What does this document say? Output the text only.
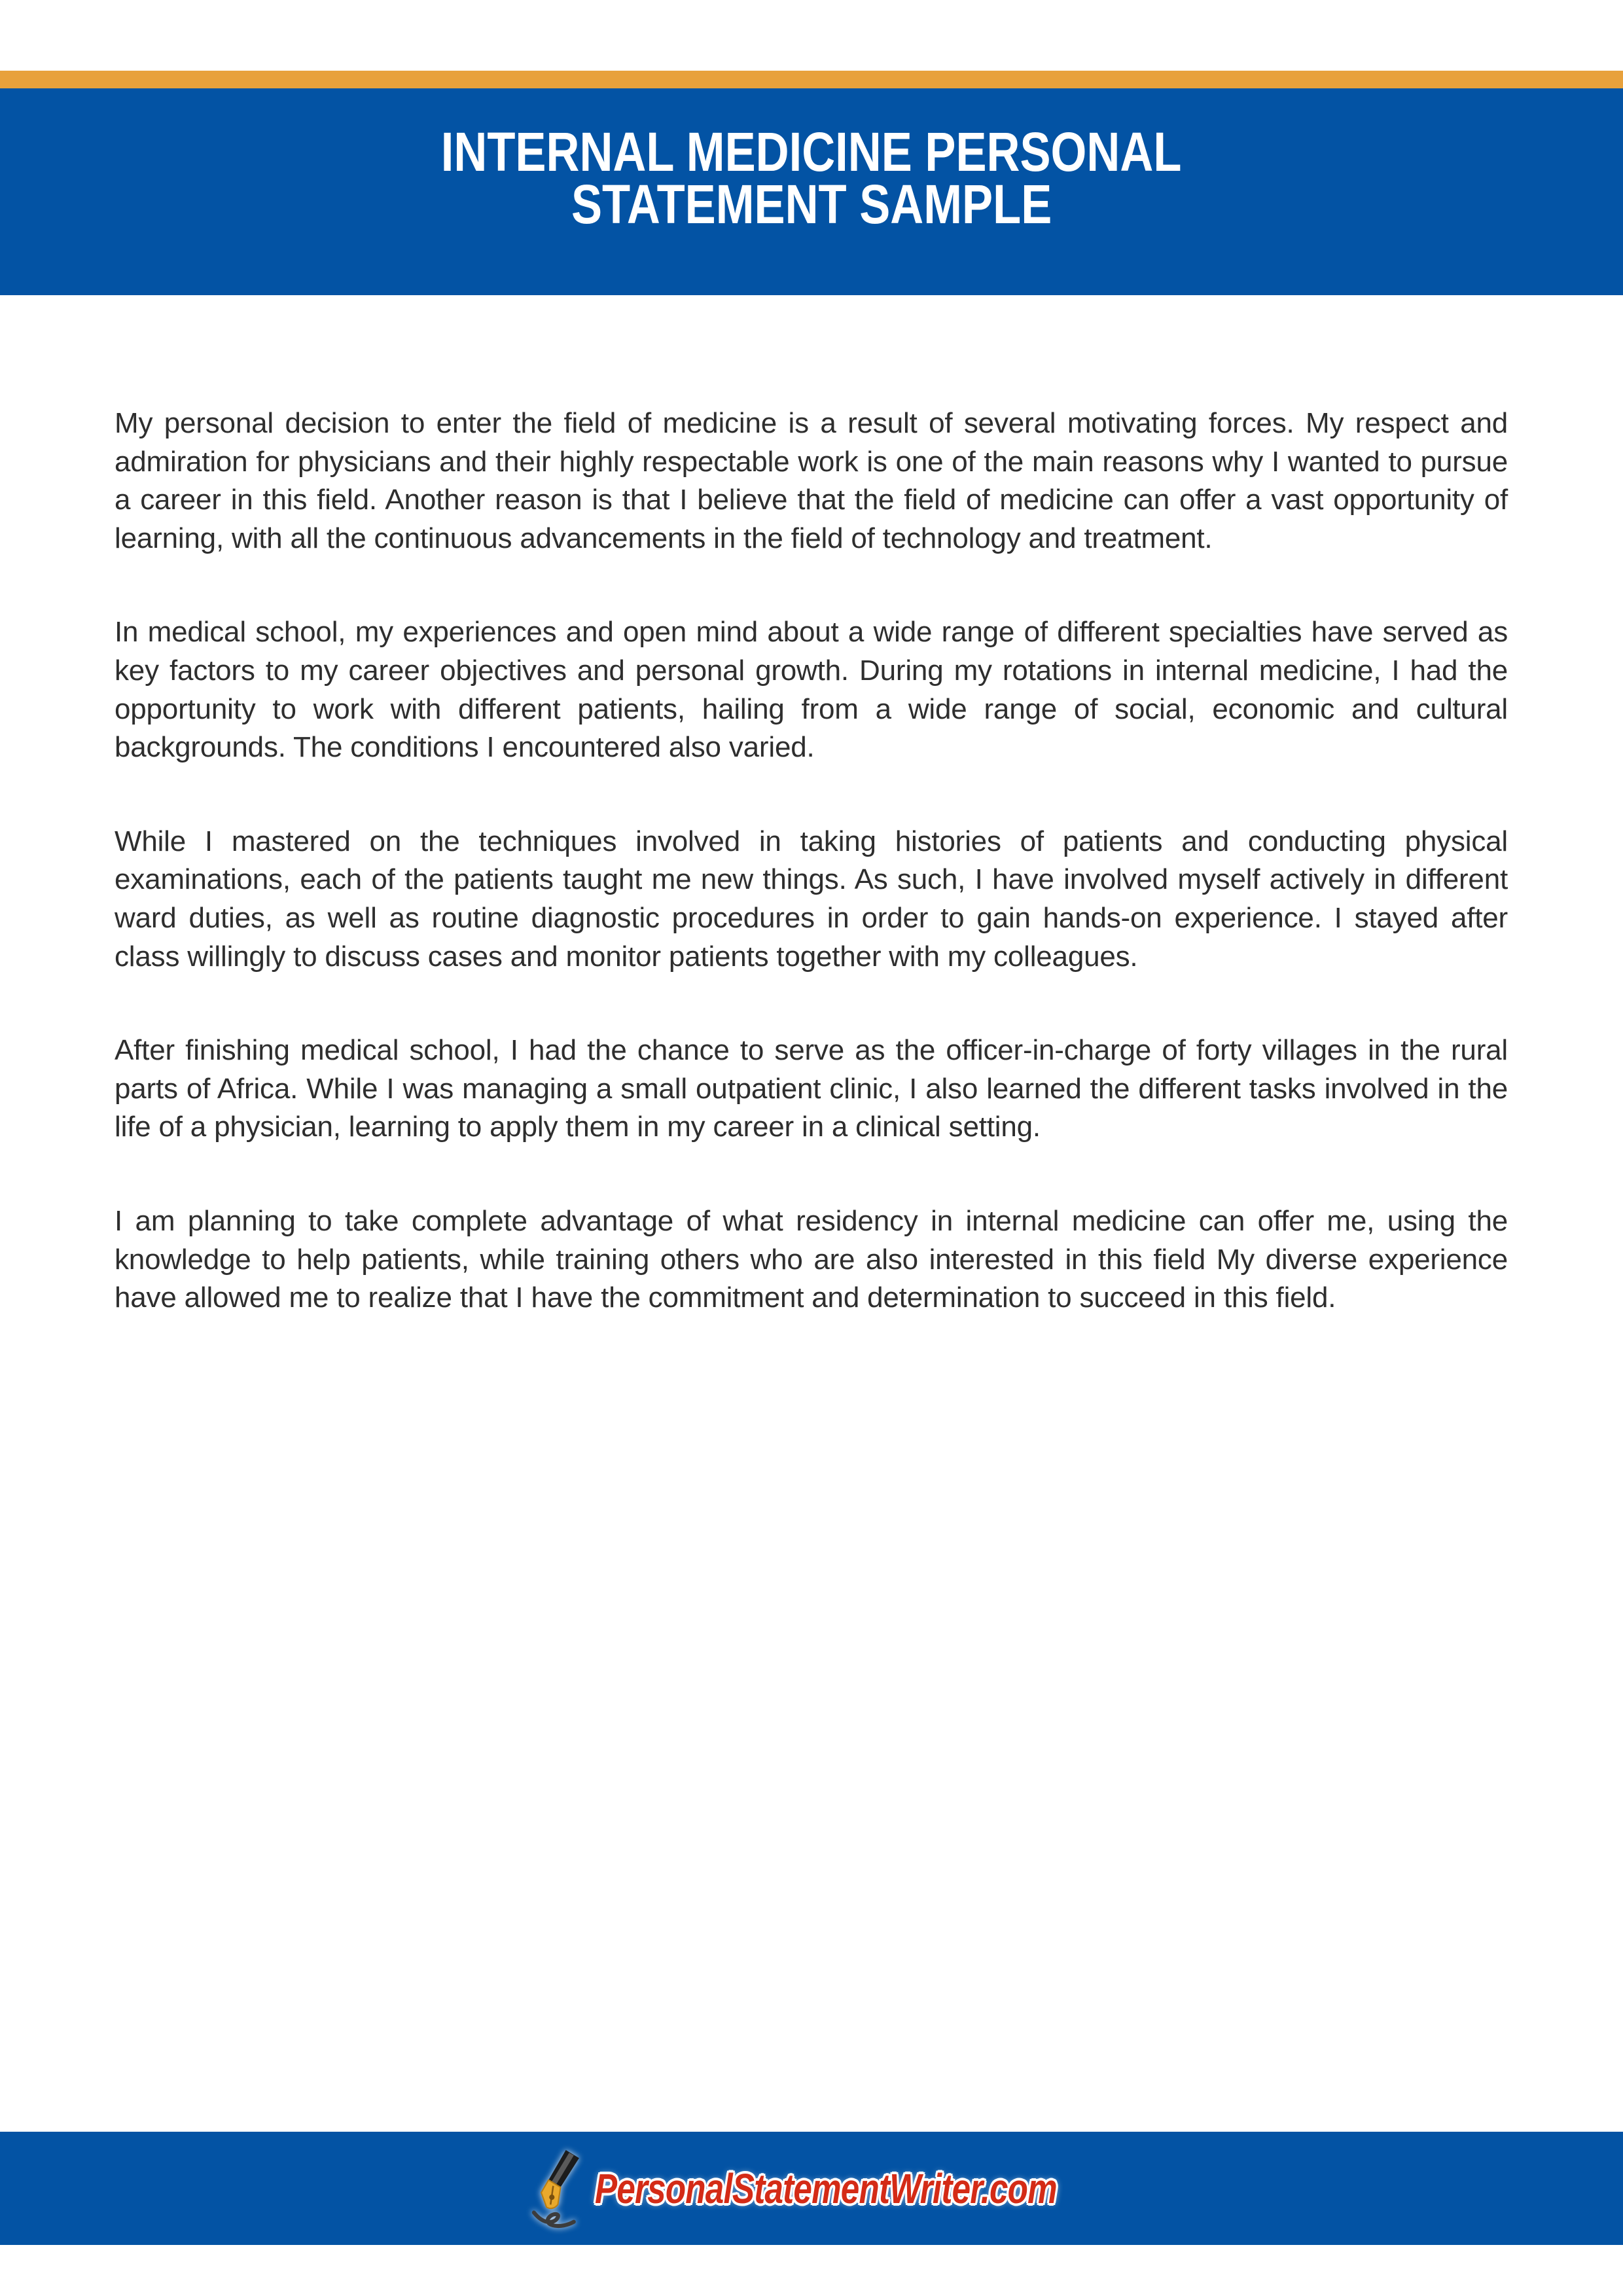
INTERNAL MEDICINE PERSONAL
STATEMENT SAMPLE

My personal decision to enter the field of medicine is a result of several motivating forces. My respect and admiration for physicians and their highly respectable work is one of the main reasons why I wanted to pursue a career in this field. Another reason is that I believe that the field of medicine can offer a vast opportunity of learning, with all the continuous advancements in the field of technology and treatment.

In medical school, my experiences and open mind about a wide range of different specialties have served as key factors to my career objectives and personal growth. During my rotations in internal medicine, I had the opportunity to work with different patients, hailing from a wide range of social, economic and cultural backgrounds. The conditions I encountered also varied.

While I mastered on the techniques involved in taking histories of patients and conducting physical examinations, each of the patients taught me new things. As such, I have involved myself actively in different ward duties, as well as routine diagnostic procedures in order to gain hands-on experience. I stayed after class willingly to discuss cases and monitor patients together with my colleagues.

After finishing medical school, I had the chance to serve as the officer-in-charge of forty villages in the rural parts of Africa. While I was managing a small outpatient clinic, I also learned the different tasks involved in the life of a physician, learning to apply them in my career in a clinical setting.

I am planning to take complete advantage of what residency in internal medicine can offer me, using the knowledge to help patients, while training others who are also interested in this field My diverse experience have allowed me to realize that I have the commitment and determination to succeed in this field.

PersonalStatementWriter.com
